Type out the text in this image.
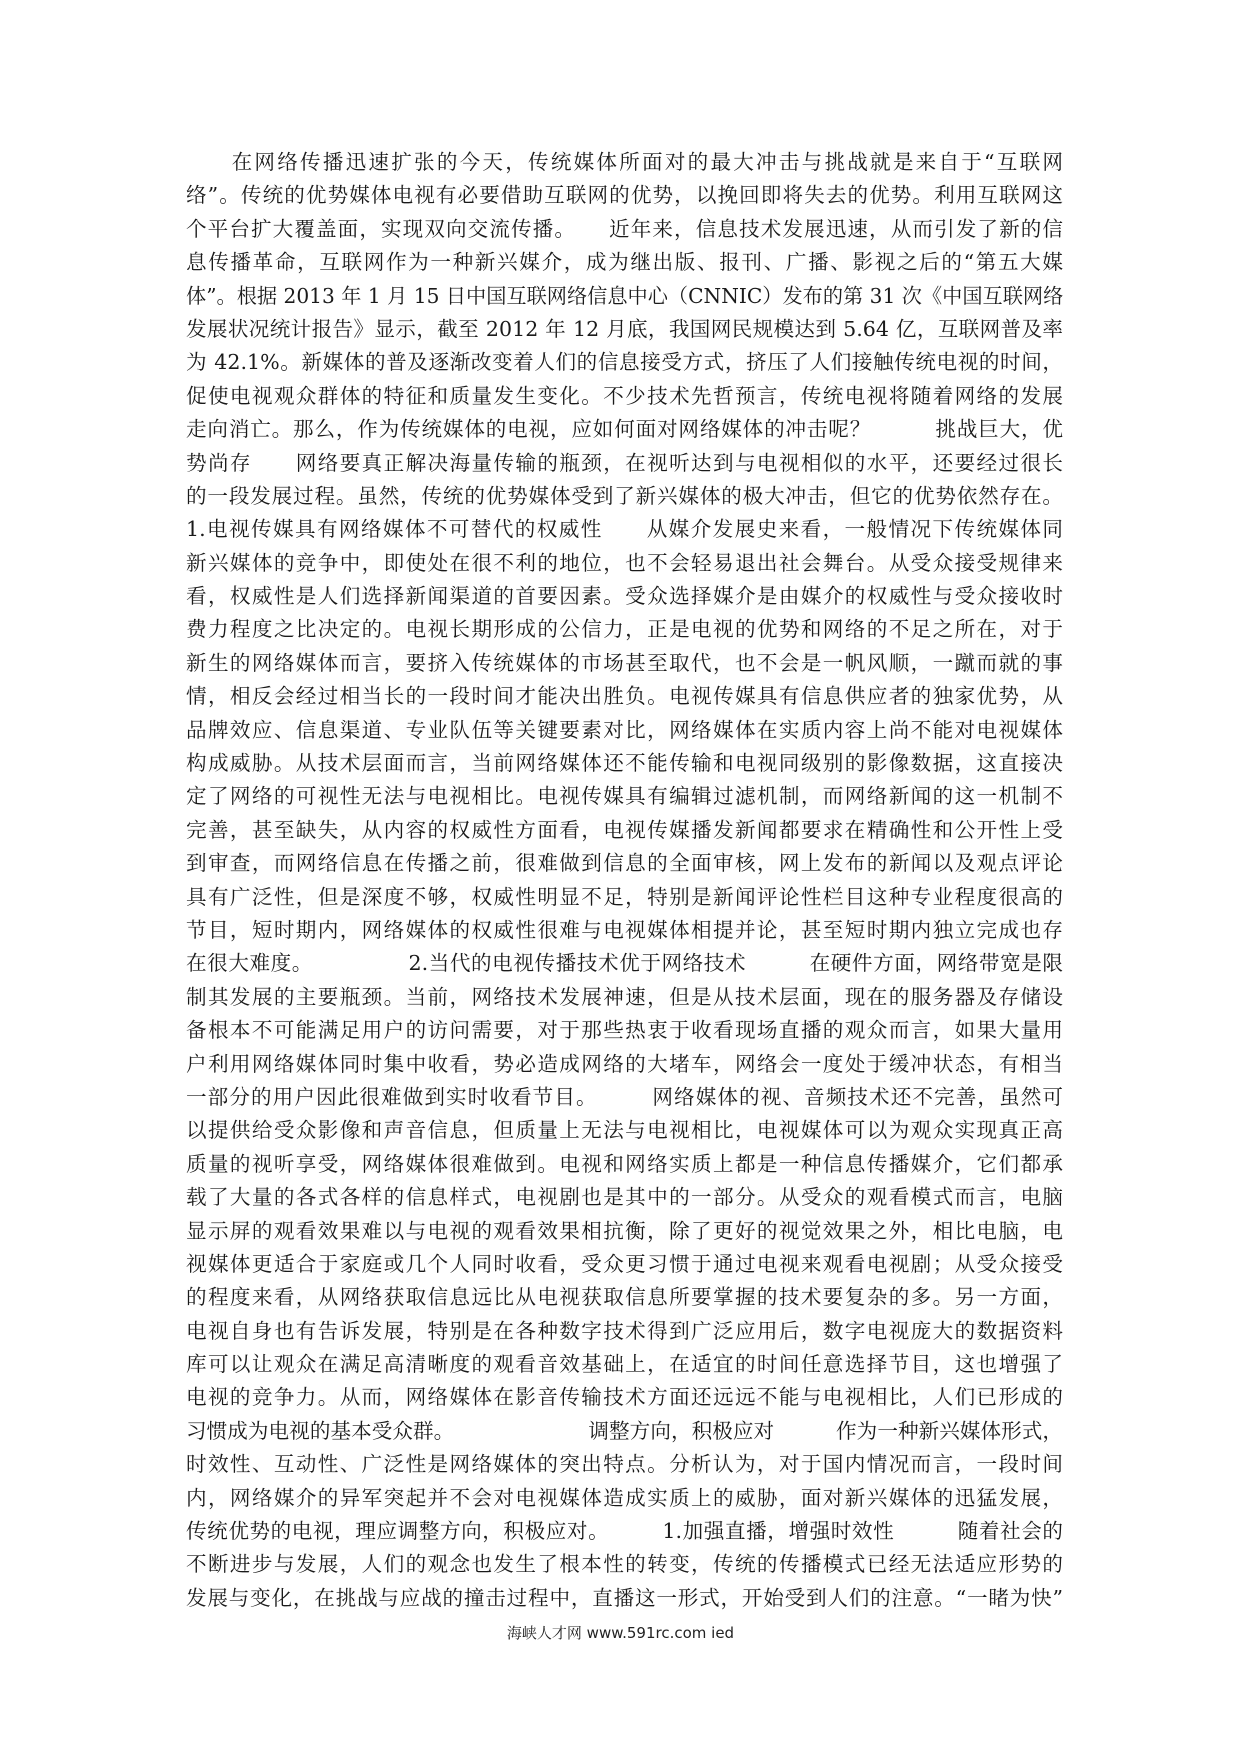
　　在网络传播迅速扩张的今天，传统媒体所面对的最大冲击与挑战就是来自于“互联网
络”。传统的优势媒体电视有必要借助互联网的优势，以挽回即将失去的优势。利用互联网这
个平台扩大覆盖面，实现双向交流传播。　　近年来，信息技术发展迅速，从而引发了新的信
息传播革命，互联网作为一种新兴媒介，成为继出版、报刊、广播、影视之后的“第五大媒
体”。根据 2013 年 1 月 15 日中国互联网络信息中心（CNNIC）发布的第 31 次《中国互联网络
发展状况统计报告》显示，截至 2012 年 12 月底，我国网民规模达到 5.64 亿，互联网普及率
为 42.1%。新媒体的普及逐渐改变着人们的信息接受方式，挤压了人们接触传统电视的时间，
促使电视观众群体的特征和质量发生变化。不少技术先哲预言，传统电视将随着网络的发展
走向消亡。那么，作为传统媒体的电视，应如何面对网络媒体的冲击呢？　　　挑战巨大，优
势尚存　　网络要真正解决海量传输的瓶颈，在视听达到与电视相似的水平，还要经过很长
的一段发展过程。虽然，传统的优势媒体受到了新兴媒体的极大冲击，但它的优势依然存在。
1.电视传媒具有网络媒体不可替代的权威性　　从媒介发展史来看，一般情况下传统媒体同
新兴媒体的竞争中，即使处在很不利的地位，也不会轻易退出社会舞台。从受众接受规律来
看，权威性是人们选择新闻渠道的首要因素。受众选择媒介是由媒介的权威性与受众接收时
费力程度之比决定的。电视长期形成的公信力，正是电视的优势和网络的不足之所在，对于
新生的网络媒体而言，要挤入传统媒体的市场甚至取代，也不会是一帆风顺，一蹴而就的事
情，相反会经过相当长的一段时间才能决出胜负。电视传媒具有信息供应者的独家优势，从
品牌效应、信息渠道、专业队伍等关键要素对比，网络媒体在实质内容上尚不能对电视媒体
构成威胁。从技术层面而言，当前网络媒体还不能传输和电视同级别的影像数据，这直接决
定了网络的可视性无法与电视相比。电视传媒具有编辑过滤机制，而网络新闻的这一机制不
完善，甚至缺失，从内容的权威性方面看，电视传媒播发新闻都要求在精确性和公开性上受
到审查，而网络信息在传播之前，很难做到信息的全面审核，网上发布的新闻以及观点评论
具有广泛性，但是深度不够，权威性明显不足，特别是新闻评论性栏目这种专业程度很高的
节目，短时期内，网络媒体的权威性很难与电视媒体相提并论，甚至短时期内独立完成也存
在很大难度。　　　　　2.当代的电视传播技术优于网络技术　　　在硬件方面，网络带宽是限
制其发展的主要瓶颈。当前，网络技术发展神速，但是从技术层面，现在的服务器及存储设
备根本不可能满足用户的访问需要，对于那些热衷于收看现场直播的观众而言，如果大量用
户利用网络媒体同时集中收看，势必造成网络的大堵车，网络会一度处于缓冲状态，有相当
一部分的用户因此很难做到实时收看节目。　　　网络媒体的视、音频技术还不完善，虽然可
以提供给受众影像和声音信息，但质量上无法与电视相比，电视媒体可以为观众实现真正高
质量的视听享受，网络媒体很难做到。电视和网络实质上都是一种信息传播媒介，它们都承
载了大量的各式各样的信息样式，电视剧也是其中的一部分。从受众的观看模式而言，电脑
显示屏的观看效果难以与电视的观看效果相抗衡，除了更好的视觉效果之外，相比电脑，电
视媒体更适合于家庭或几个人同时收看，受众更习惯于通过电视来观看电视剧；从受众接受
的程度来看，从网络获取信息远比从电视获取信息所要掌握的技术要复杂的多。另一方面，
电视自身也有告诉发展，特别是在各种数字技术得到广泛应用后，数字电视庞大的数据资料
库可以让观众在满足高清晰度的观看音效基础上，在适宜的时间任意选择节目，这也增强了
电视的竞争力。从而，网络媒体在影音传输技术方面还远远不能与电视相比，人们已形成的
习惯成为电视的基本受众群。　　　　　　　调整方向，积极应对　　　作为一种新兴媒体形式，
时效性、互动性、广泛性是网络媒体的突出特点。分析认为，对于国内情况而言，一段时间
内，网络媒介的异军突起并不会对电视媒体造成实质上的威胁，面对新兴媒体的迅猛发展，
传统优势的电视，理应调整方向，积极应对。　　　1.加强直播，增强时效性　　　随着社会的
不断进步与发展，人们的观念也发生了根本性的转变，传统的传播模式已经无法适应形势的
发展与变化，在挑战与应战的撞击过程中，直播这一形式，开始受到人们的注意。“一睹为快”
海峡人才网 www.591rc.com ied
